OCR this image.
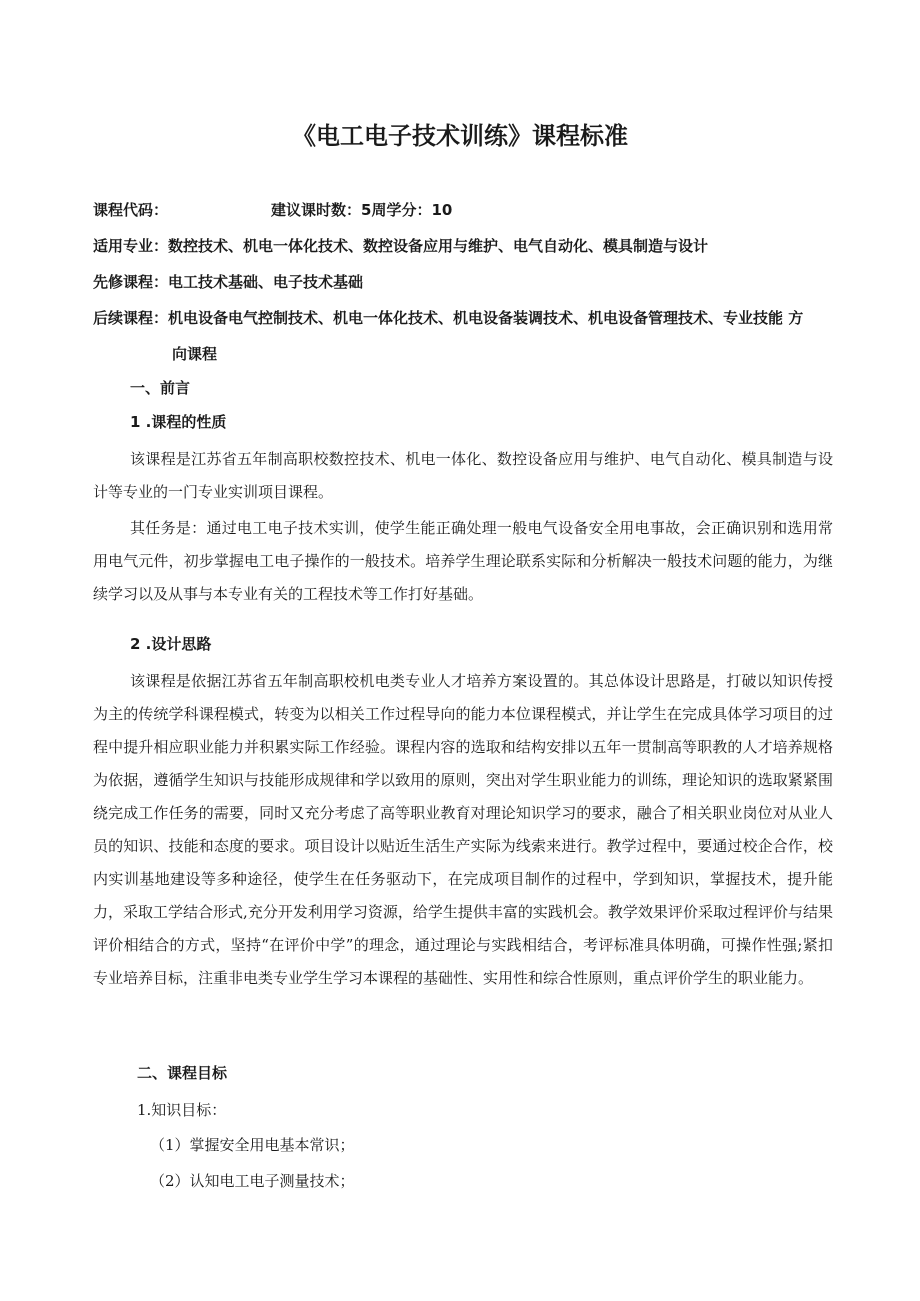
《电工电子技术训练》课程标准
课程代码：	建议课时数：5周学分：10
适用专业：数控技术、机电一体化技术、数控设备应用与维护、电气自动化、模具制造与设计
先修课程：电工技术基础、电子技术基础
后续课程：机电设备电气控制技术、机电一体化技术、机电设备装调技术、机电设备管理技术、专业技能 方
向课程
一、前言
1 .课程的性质

该课程是江苏省五年制高职校数控技术、机电一体化、数控设备应用与维护、电气自动化、模具制造与设计等专业的一门专业实训项目课程。

其任务是：通过电工电子技术实训，使学生能正确处理一般电气设备安全用电事故，会正确识别和选用常用电气元件，初步掌握电工电子操作的一般技术。培养学生理论联系实际和分析解决一般技术问题的能力，为继续学习以及从事与本专业有关的工程技术等工作打好基础。

2 .设计思路

该课程是依据江苏省五年制高职校机电类专业人才培养方案设置的。其总体设计思路是，打破以知识传授为主的传统学科课程模式，转变为以相关工作过程导向的能力本位课程模式，并让学生在完成具体学习项目的过程中提升相应职业能力并积累实际工作经验。课程内容的选取和结构安排以五年一贯制高等职教的人才培养规格为依据，遵循学生知识与技能形成规律和学以致用的原则，突出对学生职业能力的训练，理论知识的选取紧紧围绕完成工作任务的需要，同时又充分考虑了高等职业教育对理论知识学习的要求，融合了相关职业岗位对从业人员的知识、技能和态度的要求。项目设计以贴近生活生产实际为线索来进行。教学过程中，要通过校企合作，校内实训基地建设等多种途径，使学生在任务驱动下，在完成项目制作的过程中，学到知识，掌握技术，提升能力，采取工学结合形式,充分开发利用学习资源，给学生提供丰富的实践机会。教学效果评价采取过程评价与结果评价相结合的方式，坚持“在评价中学”的理念，通过理论与实践相结合，考评标准具体明确，可操作性强;紧扣专业培养目标，注重非电类专业学生学习本课程的基础性、实用性和综合性原则，重点评价学生的职业能力。

二、课程目标
1.知识目标：
（1）掌握安全用电基本常识；
（2）认知电工电子测量技术；
